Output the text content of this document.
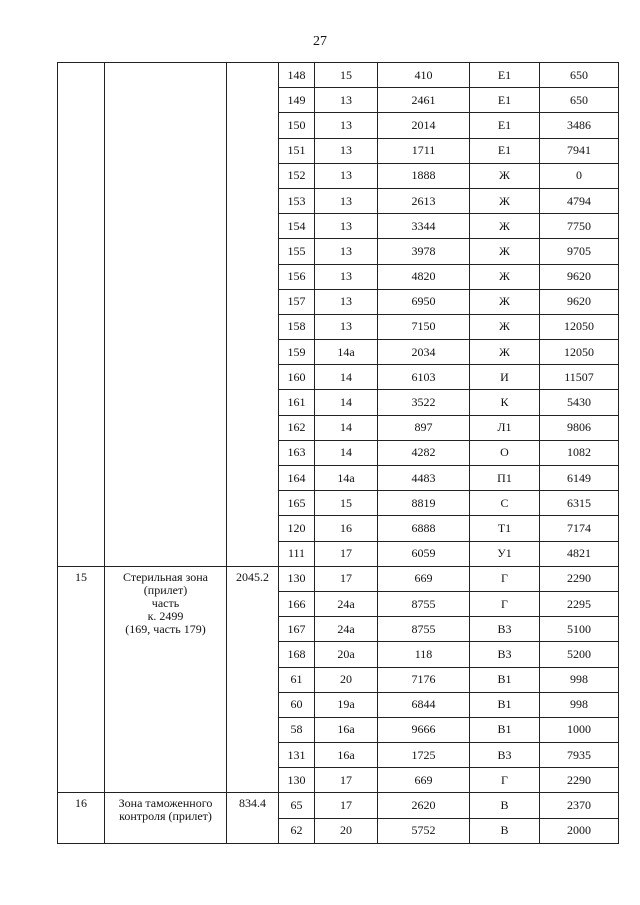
27
			148	15	410	Е1	650
			149	13	2461	Е1	650
			150	13	2014	Е1	3486
			151	13	1711	Е1	7941
			152	13	1888	Ж	0
			153	13	2613	Ж	4794
			154	13	3344	Ж	7750
			155	13	3978	Ж	9705
			156	13	4820	Ж	9620
			157	13	6950	Ж	9620
			158	13	7150	Ж	12050
			159	14а	2034	Ж	12050
			160	14	6103	И	11507
			161	14	3522	К	5430
			162	14	897	Л1	9806
			163	14	4282	О	1082
			164	14а	4483	П1	6149
			165	15	8819	С	6315
			120	16	6888	Т1	7174
			111	17	6059	У1	4821
15	Стерильная зона
(прилет)
часть
к. 2499
(169, часть 179)	2045.2	130	17	669	Г	2290
			166	24а	8755	Г	2295
			167	24а	8755	В3	5100
			168	20а	118	В3	5200
			61	20	7176	В1	998
			60	19а	6844	В1	998
			58	16а	9666	В1	1000
			131	16а	1725	В3	7935
			130	17	669	Г	2290
16	Зона таможенного
контроля (прилет)	834.4	65	17	2620	В	2370
			62	20	5752	В	2000
